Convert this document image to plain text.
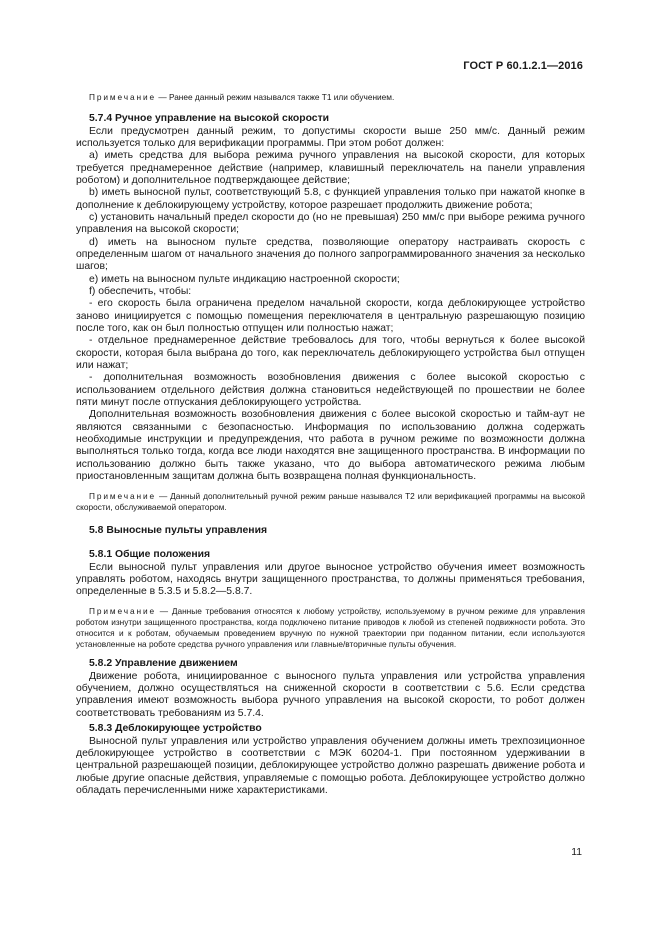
ГОСТ Р 60.1.2.1—2016

Примечание — Ранее данный режим назывался также Т1 или обучением.

5.7.4 Ручное управление на высокой скорости

Если предусмотрен данный режим, то допустимы скорости выше 250 мм/с. Данный режим используется только для верификации программы. При этом робот должен:

а) иметь средства для выбора режима ручного управления на высокой скорости, для которых требуется преднамеренное действие (например, клавишный переключатель на панели управления роботом) и дополнительное подтверждающее действие;

b) иметь выносной пульт, соответствующий 5.8, с функцией управления только при нажатой кнопке в дополнение к деблокирующему устройству, которое разрешает продолжить движение робота;

с) установить начальный предел скорости до (но не превышая) 250 мм/с при выборе режима ручного управления на высокой скорости;

d) иметь на выносном пульте средства, позволяющие оператору настраивать скорость с определенным шагом от начального значения до полного запрограммированного значения за несколько шагов;

е) иметь на выносном пульте индикацию настроенной скорости;

f) обеспечить, чтобы:

- его скорость была ограничена пределом начальной скорости, когда деблокирующее устройство заново инициируется с помощью помещения переключателя в центральную разрешающую позицию после того, как он был полностью отпущен или полностью нажат;

- отдельное преднамеренное действие требовалось для того, чтобы вернуться к более высокой скорости, которая была выбрана до того, как переключатель деблокирующего устройства был отпущен или нажат;

- дополнительная возможность возобновления движения с более высокой скоростью с использованием отдельного действия должна становиться недействующей по прошествии не более пяти минут после отпускания деблокирующего устройства.

Дополнительная возможность возобновления движения с более высокой скоростью и тайм-аут не являются связанными с безопасностью. Информация по использованию должна содержать необходимые инструкции и предупреждения, что работа в ручном режиме по возможности должна выполняться только тогда, когда все люди находятся вне защищенного пространства. В информации по использованию должно быть также указано, что до выбора автоматического режима любым приостановленным защитам должна быть возвращена полная функциональность.

Примечание — Данный дополнительный ручной режим раньше назывался Т2 или верификацией программы на высокой скорости, обслуживаемой оператором.

5.8 Выносные пульты управления

5.8.1 Общие положения

Если выносной пульт управления или другое выносное устройство обучения имеет возможность управлять роботом, находясь внутри защищенного пространства, то должны применяться требования, определенные в 5.3.5 и 5.8.2—5.8.7.

Примечание — Данные требования относятся к любому устройству, используемому в ручном режиме для управления роботом изнутри защищенного пространства, когда подключено питание приводов к любой из степеней подвижности робота. Это относится и к роботам, обучаемым проведением вручную по нужной траектории при поданном питании, если используются установленные на роботе средства ручного управления или главные/вторичные пульты обучения.

5.8.2 Управление движением

Движение робота, инициированное с выносного пульта управления или устройства управления обучением, должно осуществляться на сниженной скорости в соответствии с 5.6. Если средства управления имеют возможность выбора ручного управления на высокой скорости, то робот должен соответствовать требованиям из 5.7.4.

5.8.3 Деблокирующее устройство

Выносной пульт управления или устройство управления обучением должны иметь трехпозиционное деблокирующее устройство в соответствии с МЭК 60204-1. При постоянном удерживании в центральной разрешающей позиции, деблокирующее устройство должно разрешать движение робота и любые другие опасные действия, управляемые с помощью робота. Деблокирующее устройство должно обладать перечисленными ниже характеристиками.

11
